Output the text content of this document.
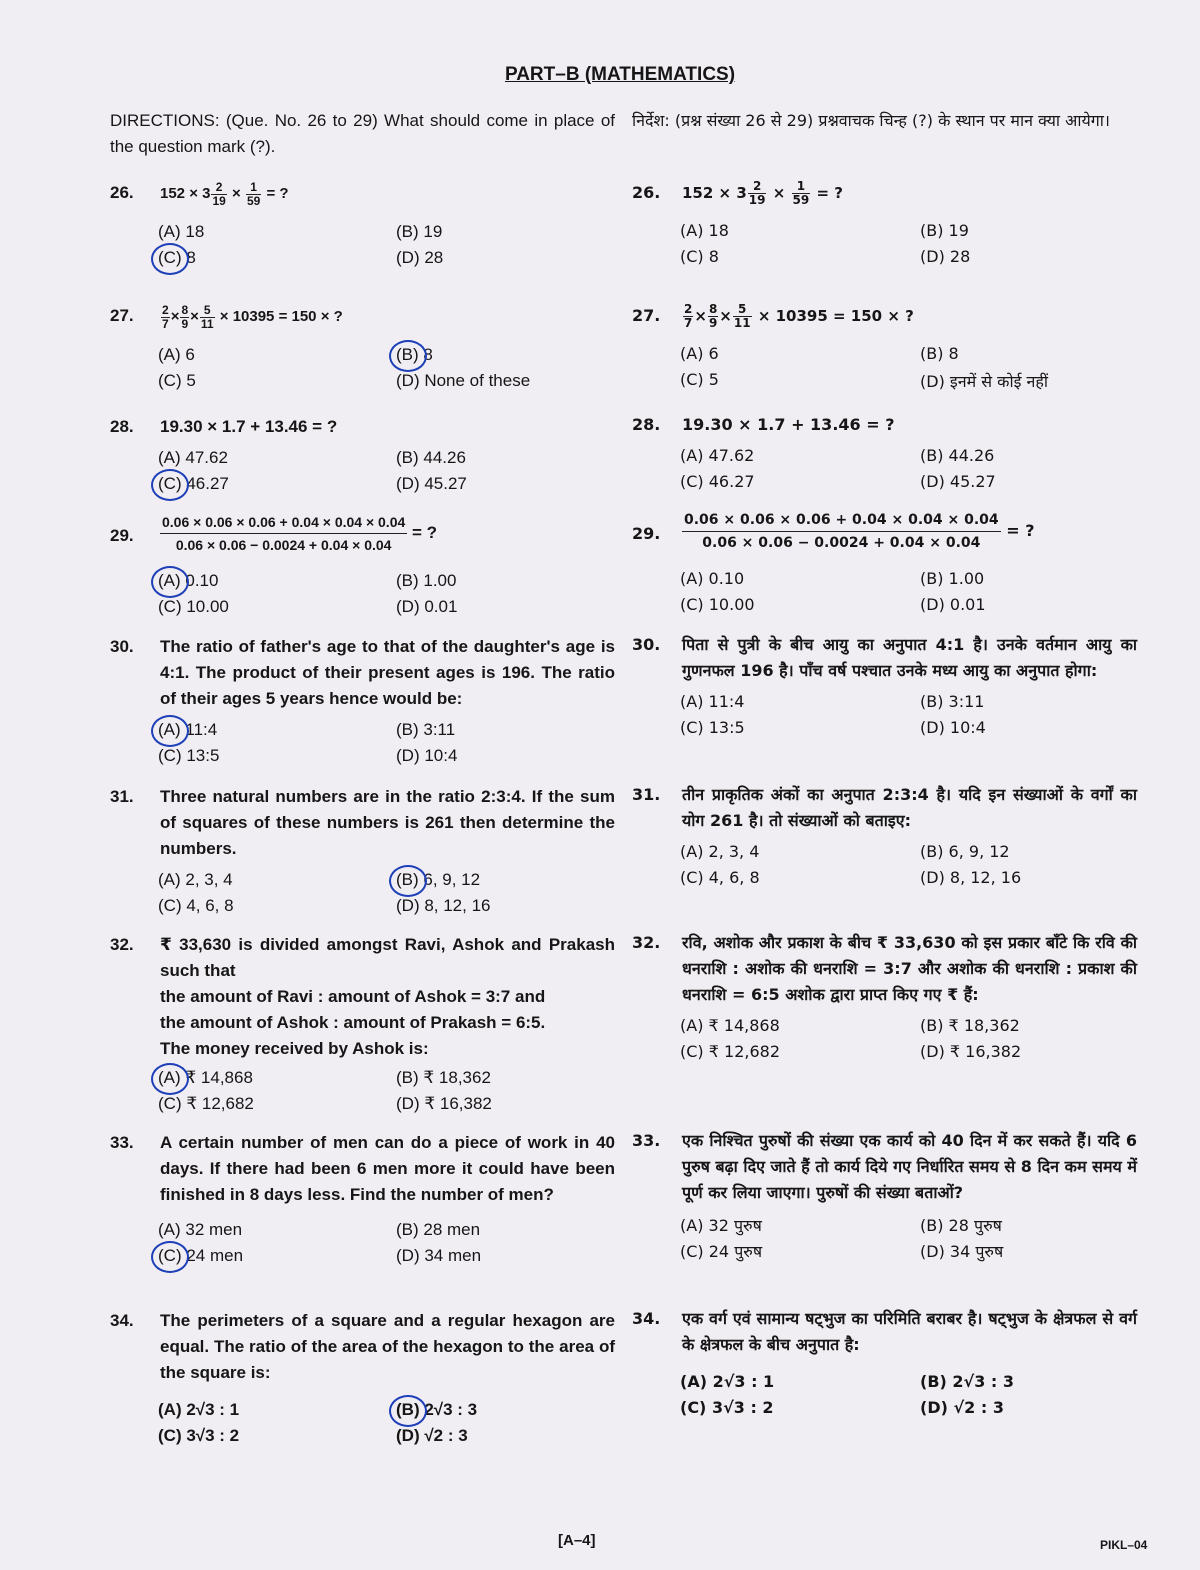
PART–B (MATHEMATICS)
DIRECTIONS: (Que. No. 26 to 29) What should come in place of the question mark (?).
26. $152 \times 3 \frac{2}{19} \times \frac{1}{59}$ = ?
(A) 18	(B) 19
(C) 8	(D) 28
27. $\frac{2}{7} \times \frac{8}{9} \times \frac{5}{11} \times 10395 = 150$ × ?
(A) 6	(B) 8
(C) 5	(D) None of these
28. 19.30 × 1.7 + 13.46 = ?
(A) 47.62	(B) 44.26
(C) 46.27	(D) 45.27
29. $\frac{0.06 \times 0.06 \times 0.06 + 0.04 \times 0.04 \times 0.04}{0.06 \times 0.06 - 0.0024 + 0.04 \times 0.04}$ = ?
(A) 0.10	(B) 1.00
(C) 10.00	(D) 0.01
30. The ratio of father's age to that of the daughter's age is 4:1. The product of their present ages is 196. The ratio of their ages 5 years hence would be:
(A) 11:4	(B) 3:11
(C) 13:5	(D) 10:4
31. Three natural numbers are in the ratio 2:3:4. If the sum of squares of these numbers is 261 then determine the numbers.
(A) 2, 3, 4	(B) 6, 9, 12
(C) 4, 6, 8	(D) 8, 12, 16
32. ₹ 33,630 is divided amongst Ravi, Ashok and Prakash such that
the amount of Ravi : amount of Ashok = 3:7 and
the amount of Ashok : amount of Prakash = 6:5.
The money received by Ashok is:
(A) ₹ 14,868	(B) ₹ 18,362
(C) ₹ 12,682	(D) ₹ 16,382
33. A certain number of men can do a piece of work in 40 days. If there had been 6 men more it could have been finished in 8 days less. Find the number of men?
(A) 32 men	(B) 28 men
(C) 24 men	(D) 34 men
34. The perimeters of a square and a regular hexagon are equal. The ratio of the area of the hexagon to the area of the square is:
(A) 2√3 : 1	(B) 2√3 : 3
(C) 3√3 : 2	(D) √2 : 3
निर्देश: (प्रश्न संख्या 26 से 29) प्रश्नवाचक चिन्ह (?) के स्थान पर मान क्या आयेगा।
26. $152 \times 3 \frac{2}{19} \times \frac{1}{59}$ = ?
(A) 18	(B) 19
(C) 8	(D) 28
27. $\frac{2}{7} \times \frac{8}{9} \times \frac{5}{11} \times 10395 = 150$ × ?
(A) 6	(B) 8
(C) 5	(D) इनमें से कोई नहीं
28. 19.30 × 1.7 + 13.46 = ?
(A) 47.62	(B) 44.26
(C) 46.27	(D) 45.27
29. $\frac{0.06 \times 0.06 \times 0.06 + 0.04 \times 0.04 \times 0.04}{0.06 \times 0.06 - 0.0024 + 0.04 \times 0.04}$ = ?
(A) 0.10	(B) 1.00
(C) 10.00	(D) 0.01
30. पिता से पुत्री के बीच आयु का अनुपात 4:1 है। उनके वर्तमान आयु का गुणनफल 196 है। पाँच वर्ष पश्चात उनके मध्य आयु का अनुपात होगा:
(A) 11:4	(B) 3:11
(C) 13:5	(D) 10:4
31. तीन प्राकृतिक अंकों का अनुपात 2:3:4 है। यदि इन संख्याओं के वर्गों का योग 261 है। तो संख्याओं को बताइए:
(A) 2, 3, 4	(B) 6, 9, 12
(C) 4, 6, 8	(D) 8, 12, 16
32. रवि, अशोक और प्रकाश के बीच ₹ 33,630 को इस प्रकार बाँटे कि रवि की धनराशि : अशोक की धनराशि = 3:7 और अशोक की धनराशि : प्रकाश की धनराशि = 6:5 अशोक द्वारा प्राप्त किए गए ₹ हैं:
(A) ₹ 14,868	(B) ₹ 18,362
(C) ₹ 12,682	(D) ₹ 16,382
33. एक निश्चित पुरुषों की संख्या एक कार्य को 40 दिन में कर सकते हैं। यदि 6 पुरुष बढ़ा दिए जाते हैं तो कार्य दिये गए निर्धारित समय से 8 दिन कम समय में पूर्ण कर लिया जाएगा। पुरुषों की संख्या बताओं?
(A) 32 पुरुष	(B) 28 पुरुष
(C) 24 पुरुष	(D) 34 पुरुष
34. एक वर्ग एवं सामान्य षट्भुज का परिमिति बराबर है। षट्भुज के क्षेत्रफल से वर्ग के क्षेत्रफल के बीच अनुपात है:
(A) 2√3 : 1	(B) 2√3 : 3
(C) 3√3 : 2	(D) √2 : 3
[A–4]	PIKL–04
